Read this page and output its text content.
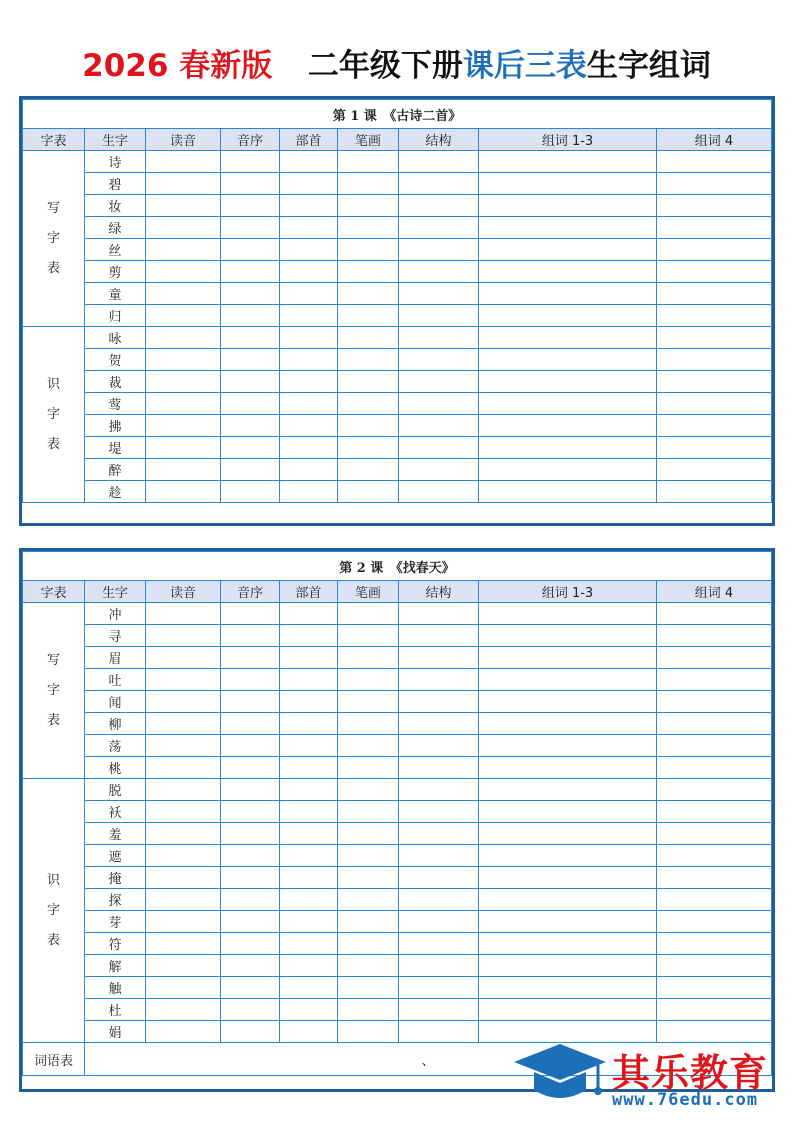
2026 春新版 二年级下册课后三表生字组词
第 1 课　《古诗二首》								
字表	生字	读音	音序	部首	笔画	结构	组词 1-3	组词 4

写
字
表	诗							
	碧							
	妆							
	绿							
	丝							
	剪							
	童							
	归							

识
字
表	咏							
	贺							
	裁							
	莺							
	拂							
	堤							
	醉							
	趁							
第 2 课　《找春天》								
字表	生字	读音	音序	部首	笔画	结构	组词 1-3	组词 4

写
字
表	冲							
	寻							
	眉							
	吐							
	闻							
	柳							
	荡							
	桃							

识
字
表	脱							
	袄							
	羞							
	遮							
	掩							
	探							
	芽							
	符							
	解							
	触							
	杜							
	娟							
词语表	、								其乐教育
www.76edu.com
